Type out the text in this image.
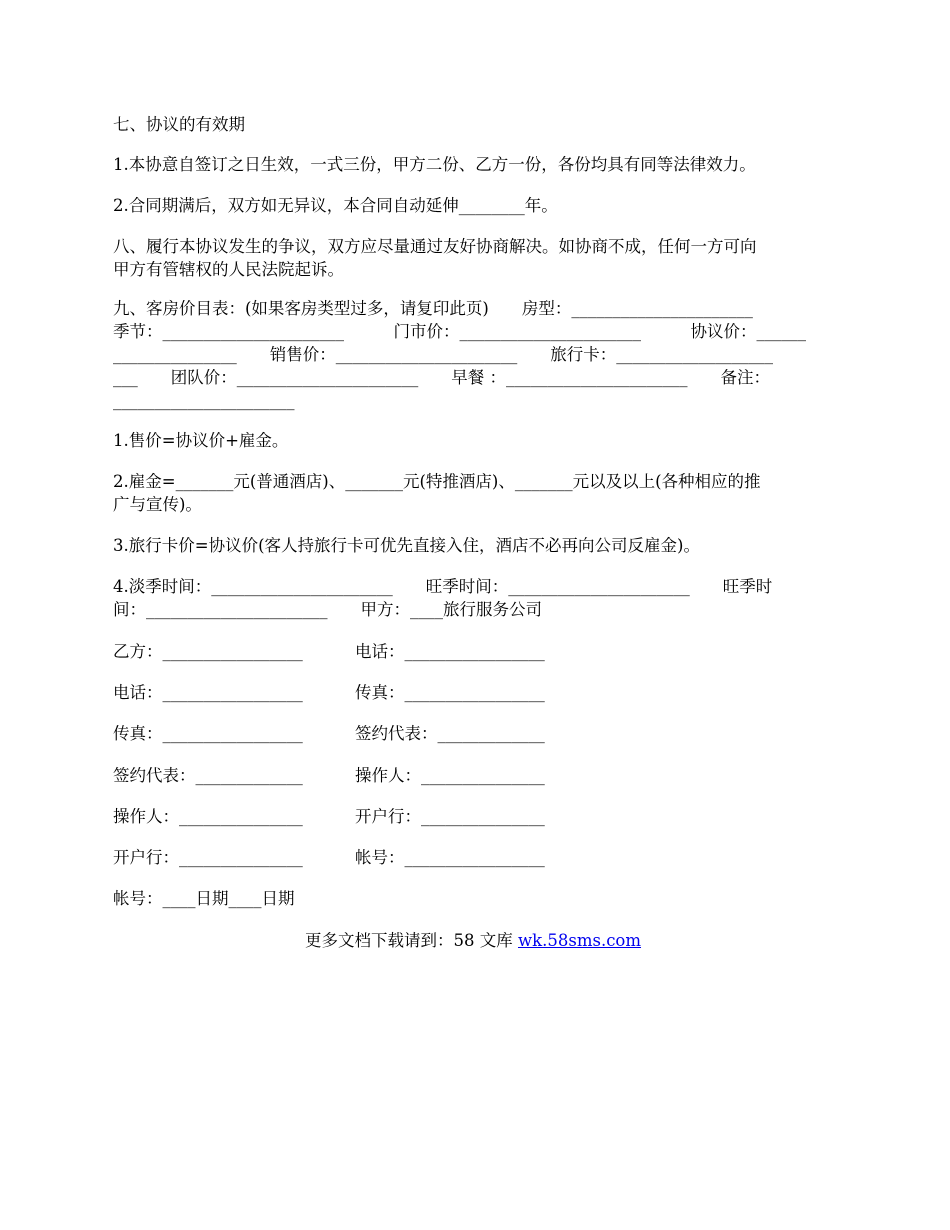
七、协议的有效期
1.本协意自签订之日生效，一式三份，甲方二份、乙方一份，各份均具有同等法律效力。
2.合同期满后，双方如无异议，本合同自动延伸________年。
八、履行本协议发生的争议，双方应尽量通过友好协商解决。如协商不成，任何一方可向
甲方有管辖权的人民法院起诉。
九、客房价目表：(如果客房类型过多，请复印此页)　　房型：______________________
季节：______________________　　　门市价：______________________　　　协议价：______
_______________　　销售价：______________________　　旅行卡：___________________
___　　团队价：______________________　　早餐 ：______________________　　备注：
______________________
1.售价=协议价+雇金。
2.雇金=_______元(普通酒店)、_______元(特推酒店)、_______元以及以上(各种相应的推
广与宣传)。
3.旅行卡价=协议价(客人持旅行卡可优先直接入住，酒店不必再向公司反雇金)。
4.淡季时间：______________________　　旺季时间：______________________　　旺季时
间：______________________　　甲方：____旅行服务公司
乙方：_________________
电话：_________________
传真：_________________
签约代表：_____________
操作人：_______________
开户行：_______________
帐号：____日期____日期
电话：_________________
传真：_________________
签约代表：_____________
操作人：_______________
开户行：_______________
帐号：_________________
更多文档下载请到：58 文库 wk.58sms.com
